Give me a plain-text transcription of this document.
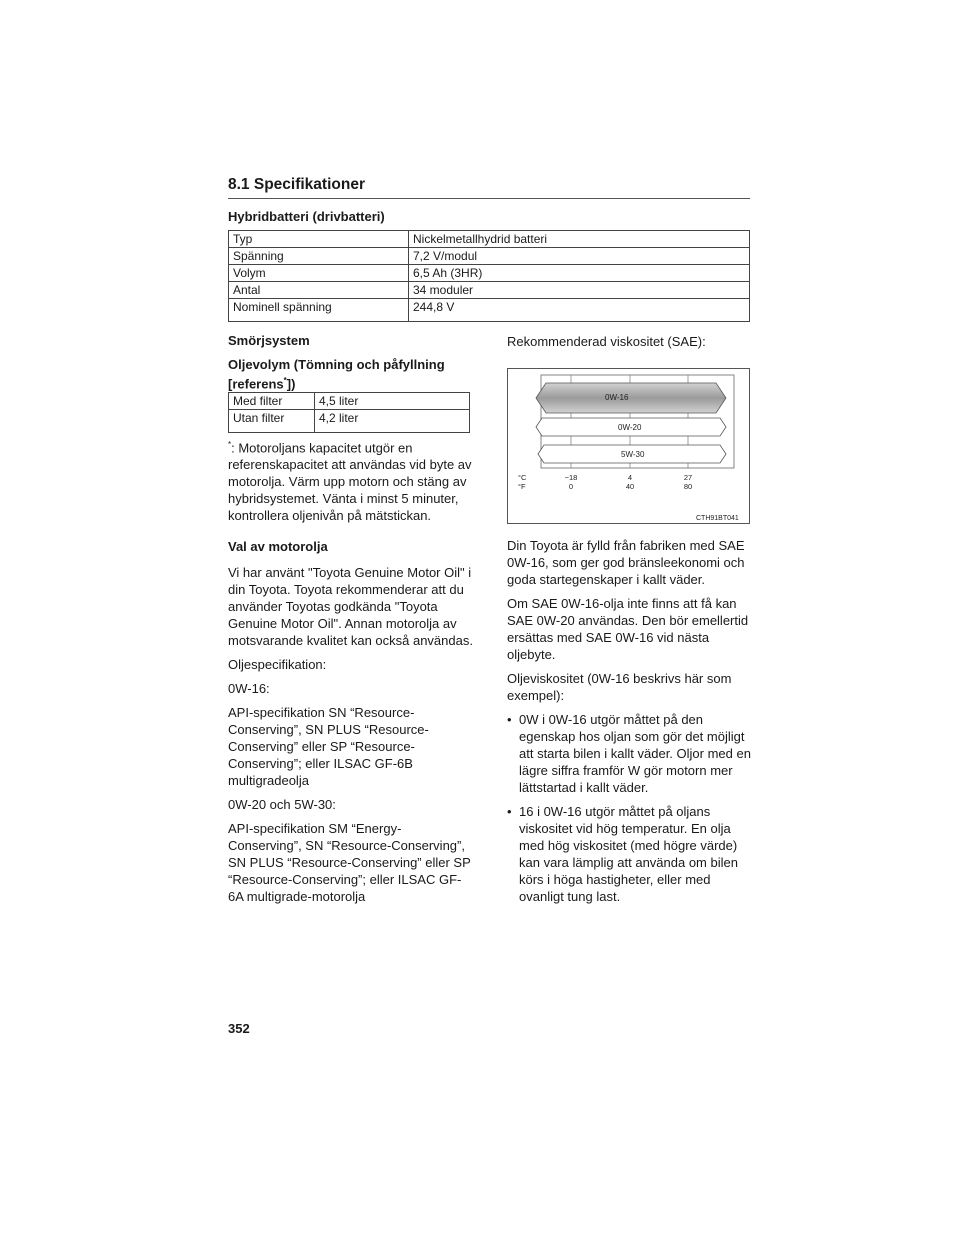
8.1 Specifikationer
Hybridbatteri (drivbatteri)
Typ	Nickelmetallhydrid batteri
Spänning	7,2 V/modul
Volym	6,5 Ah (3HR)
Antal	34 moduler
Nominell spänning	244,8 V
Smörjsystem
Oljevolym (Tömning och påfyllning
[referens*])
Med filter	4,5 liter
Utan filter	4,2 liter
*: Motoroljans kapacitet utgör en referenskapacitet att användas vid byte av motorolja. Värm upp motorn och stäng av hybridsystemet. Vänta i minst 5 minuter, kontrollera oljenivån på mätstickan.
Val av motorolja

Vi har använt "Toyota Genuine Motor Oil" i din Toyota. Toyota rekommenderar att du använder Toyotas godkända "Toyota Genuine Motor Oil". Annan motorolja av motsvarande kvalitet kan också användas.

Oljespecifikation:

0W-16:

API-specifikation SN “Resource-Conserving”, SN PLUS “Resource-Conserving” eller SP “Resource-Conserving”; eller ILSAC GF-6B multigradeolja

0W-20 och 5W-30:

API-specifikation SM “Energy-Conserving”, SN “Resource-Conserving”, SN PLUS “Resource-Conserving” eller SP “Resource-Conserving”; eller ILSAC GF-6A multigrade-motorolja

Rekommenderad viskositet (SAE):
0W-16
0W-20
5W-30
°C
°F
−18	4	27
0	40	80
CTH91BT041

Din Toyota är fylld från fabriken med SAE 0W-16, som ger god bränsleekonomi och goda startegenskaper i kallt väder.

Om SAE 0W-16-olja inte finns att få kan SAE 0W-20 användas. Den bör emellertid ersättas med SAE 0W-16 vid nästa oljebyte.

Oljeviskositet (0W-16 beskrivs här som exempel):

• 0W i 0W-16 utgör måttet på den egenskap hos oljan som gör det möjligt att starta bilen i kallt väder. Oljor med en lägre siffra framför W gör motorn mer lättstartad i kallt väder.
• 16 i 0W-16 utgör måttet på oljans viskositet vid hög temperatur. En olja med hög viskositet (med högre värde) kan vara lämplig att använda om bilen körs i höga hastigheter, eller med ovanligt tung last.
352
